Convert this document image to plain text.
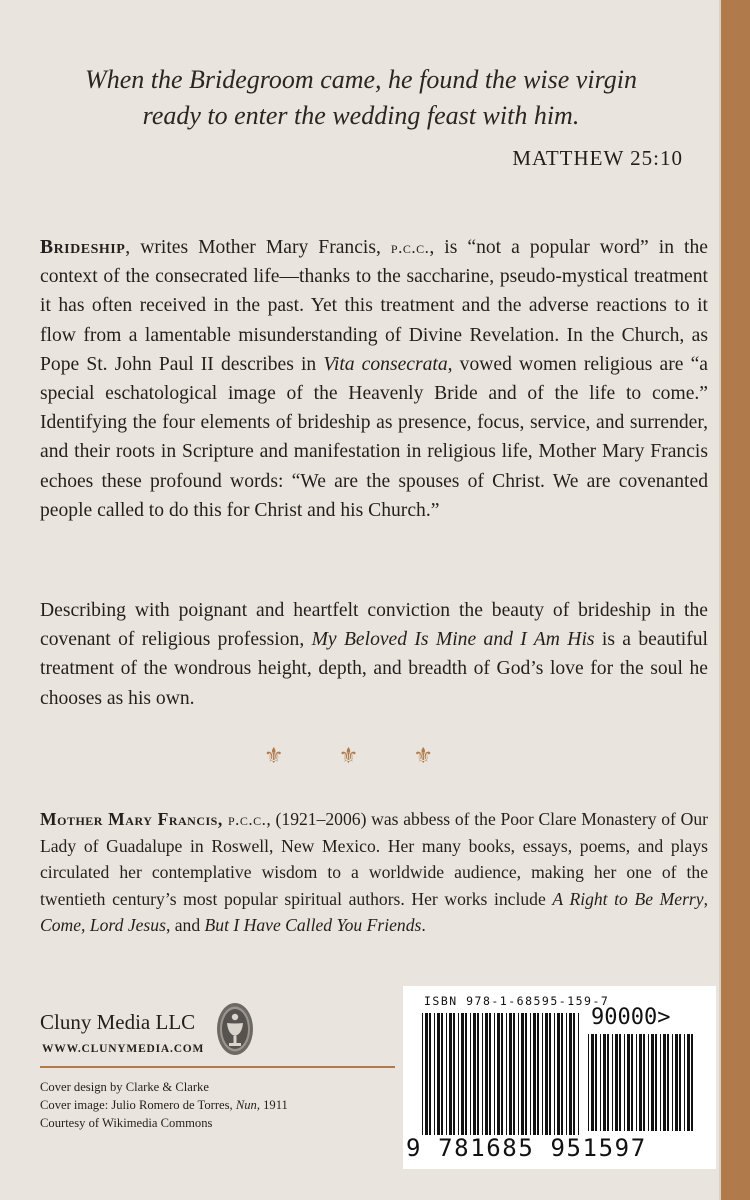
When the Bridegroom came, he found the wise virgin
ready to enter the wedding feast with him.
MATTHEW 25:10

Brideship, writes Mother Mary Francis, p.c.c., is “not a popular word” in the context of the consecrated life—thanks to the saccharine, pseudo-mystical treatment it has often received in the past. Yet this treatment and the adverse reactions to it flow from a lamentable misunderstanding of Divine Revelation. In the Church, as Pope St. John Paul II describes in Vita consecrata, vowed women religious are “a special eschatological image of the Heavenly Bride and of the life to come.” Identifying the four elements of brideship as presence, focus, service, and surrender, and their roots in Scripture and manifestation in religious life, Mother Mary Francis echoes these profound words: “We are the spouses of Christ. We are covenanted people called to do this for Christ and his Church.”

Describing with poignant and heartfelt conviction the beauty of brideship in the covenant of religious profession, My Beloved Is Mine and I Am His is a beautiful treatment of the wondrous height, depth, and breadth of God’s love for the soul he chooses as his own.

⚜ ⚜ ⚜

Mother Mary Francis, p.c.c., (1921–2006) was abbess of the Poor Clare Monastery of Our Lady of Guadalupe in Roswell, New Mexico. Her many books, essays, poems, and plays circulated her contemplative wisdom to a worldwide audience, making her one of the twentieth century’s most popular spiritual authors. Her works include A Right to Be Merry, Come, Lord Jesus, and But I Have Called You Friends.

Cluny Media LLC
WWW.CLUNYMEDIA.COM
Cover design by Clarke & Clarke
Cover image: Julio Romero de Torres, Nun, 1911
Courtesy of Wikimedia Commons
ISBN 978-1-68595-159-7
90000>
9 781685 951597
